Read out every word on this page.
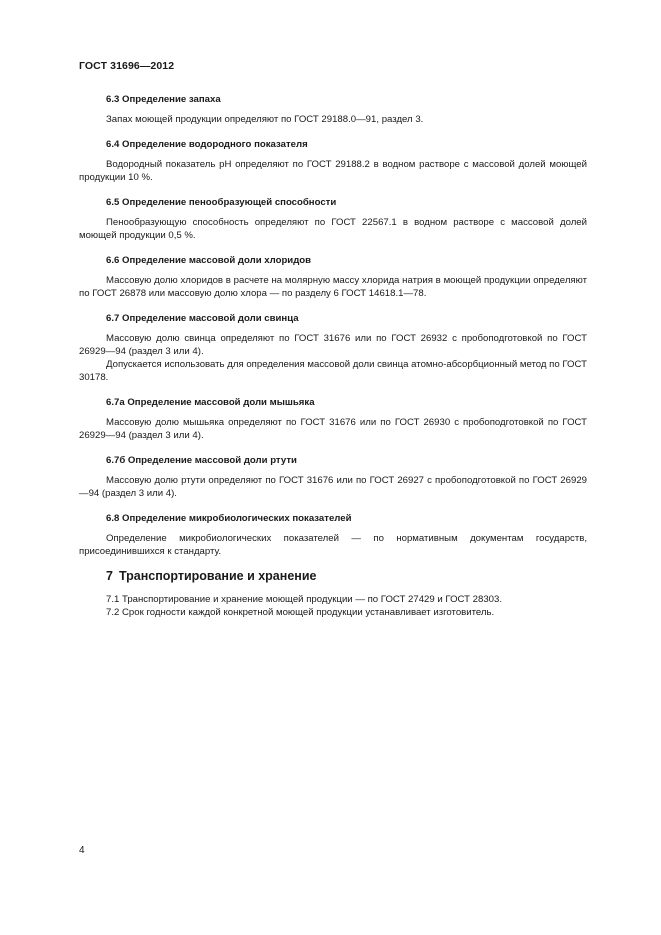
ГОСТ 31696—2012

6.3 Определение запаха

Запах моющей продукции определяют по ГОСТ 29188.0—91, раздел 3.

6.4 Определение водородного показателя

Водородный показатель pH определяют по ГОСТ 29188.2 в водном растворе с массовой долей моющей продукции 10 %.

6.5 Определение пенообразующей способности

Пенообразующую способность определяют по ГОСТ 22567.1 в водном растворе с массовой долей моющей продукции 0,5 %.

6.6 Определение массовой доли хлоридов

Массовую долю хлоридов в расчете на молярную массу хлорида натрия в моющей продукции определяют по ГОСТ 26878 или массовую долю хлора — по разделу 6 ГОСТ 14618.1—78.

6.7 Определение массовой доли свинца

Массовую долю свинца определяют по ГОСТ 31676 или по ГОСТ 26932 с пробоподготовкой по ГОСТ 26929—94 (раздел 3 или 4).

Допускается использовать для определения массовой доли свинца атомно-абсорбционный метод по ГОСТ 30178.

6.7а Определение массовой доли мышьяка

Массовую долю мышьяка определяют по ГОСТ 31676 или по ГОСТ 26930 с пробоподготовкой по ГОСТ 26929—94 (раздел 3 или 4).

6.7б Определение массовой доли ртути

Массовую долю ртути определяют по ГОСТ 31676 или по ГОСТ 26927 с пробоподготовкой по ГОСТ 26929—94 (раздел 3 или 4).

6.8 Определение микробиологических показателей

Определение микробиологических показателей — по нормативным документам государств, присоединившихся к стандарту.

7 Транспортирование и хранение

7.1 Транспортирование и хранение моющей продукции — по ГОСТ 27429 и ГОСТ 28303.

7.2 Срок годности каждой конкретной моющей продукции устанавливает изготовитель.

4
